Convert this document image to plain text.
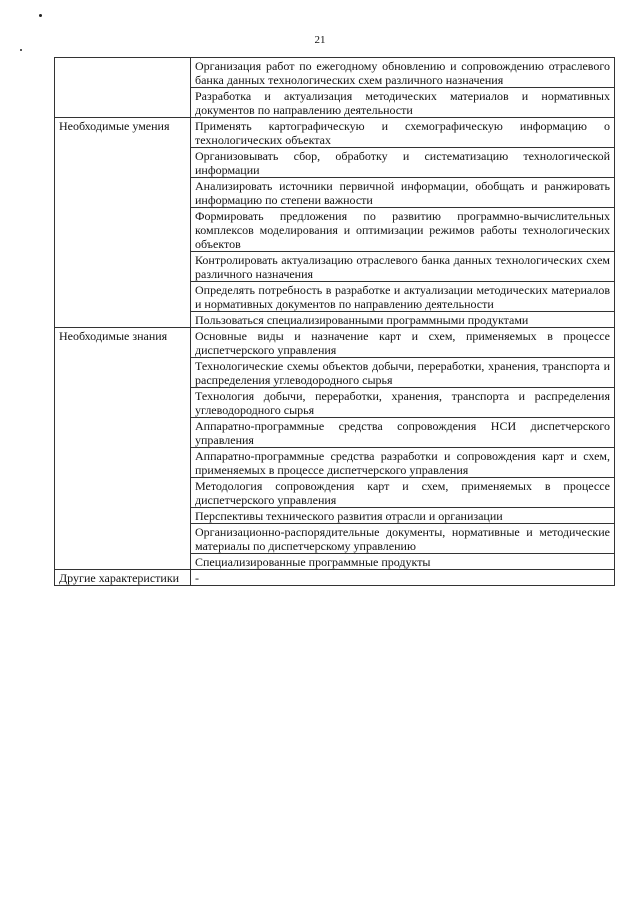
21
	Организация работ по ежегодному обновлению и сопровождению отраслевого банка данных технологических схем различного назначения
	Разработка и актуализация методических материалов и нормативных документов по направлению деятельности
Необходимые умения	Применять картографическую и схемографическую информацию о технологических объектах
	Организовывать сбор, обработку и систематизацию технологической информации
	Анализировать источники первичной информации, обобщать и ранжировать информацию по степени важности
	Формировать предложения по развитию программно-вычислительных комплексов моделирования и оптимизации режимов работы технологических объектов
	Контролировать актуализацию отраслевого банка данных технологических схем различного назначения
	Определять потребность в разработке и актуализации методических материалов и нормативных документов по направлению деятельности
	Пользоваться специализированными программными продуктами
Необходимые знания	Основные виды и назначение карт и схем, применяемых в процессе диспетчерского управления
	Технологические схемы объектов добычи, переработки, хранения, транспорта и распределения углеводородного сырья
	Технология добычи, переработки, хранения, транспорта и распределения углеводородного сырья
	Аппаратно-программные средства сопровождения НСИ диспетчерского управления
	Аппаратно-программные средства разработки и сопровождения карт и схем, применяемых в процессе диспетчерского управления
	Методология сопровождения карт и схем, применяемых в процессе диспетчерского управления
	Перспективы технического развития отрасли и организации
	Организационно-распорядительные документы, нормативные и методические материалы по диспетчерскому управлению
	Специализированные программные продукты
Другие характеристики	-
